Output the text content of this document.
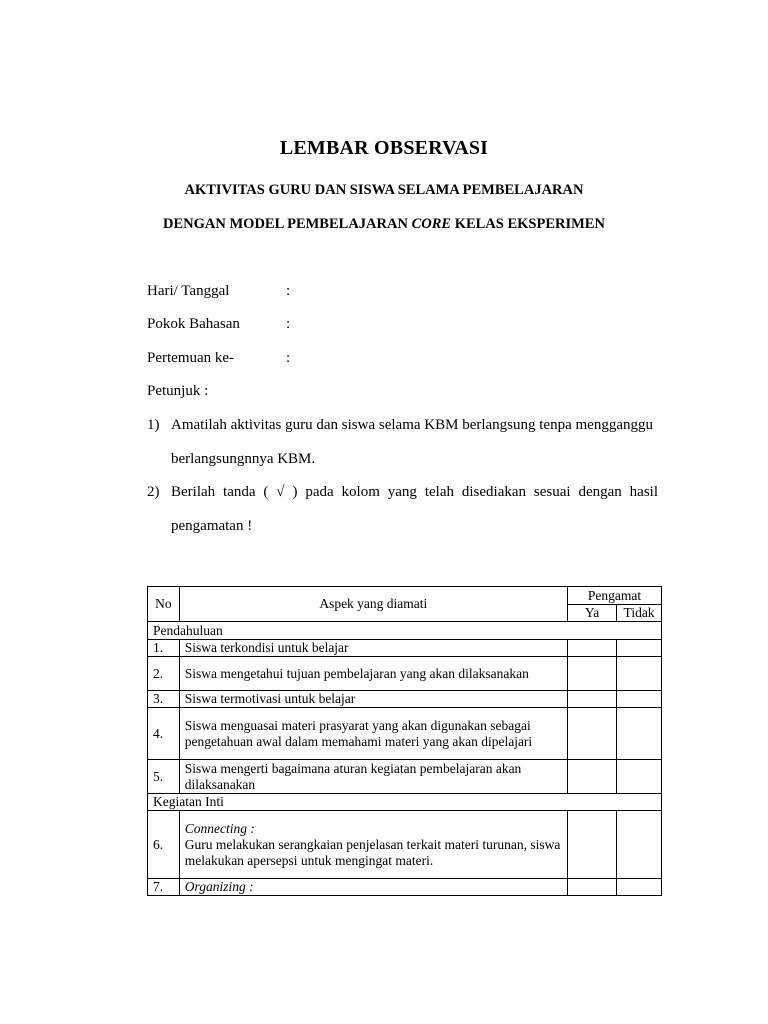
LEMBAR OBSERVASI
AKTIVITAS GURU DAN SISWA SELAMA PEMBELAJARAN
DENGAN MODEL PEMBELAJARAN CORE KELAS EKSPERIMEN
Hari/ Tanggal	:
Pokok Bahasan	:
Pertemuan ke-	:
Petunjuk :
1) Amatilah aktivitas guru dan siswa selama KBM berlangsung tenpa mengganggu
berlangsungnnya KBM.
2) Berilah tanda ( √ ) pada kolom yang telah disediakan sesuai dengan hasil
pengamatan !
No	Aspek yang diamati	Pengamat	
		Ya	Tidak
Pendahuluan			
1.	Siswa terkondisi untuk belajar		
2.	Siswa mengetahui tujuan pembelajaran yang akan dilaksanakan		
3.	Siswa termotivasi untuk belajar		
4.	Siswa menguasai materi prasyarat yang akan digunakan sebagai pengetahuan awal dalam memahami materi yang akan dipelajari		
5.	Siswa mengerti bagaimana aturan kegiatan pembelajaran akan dilaksanakan		
Kegiatan Inti			
6.	Connecting :
Guru melakukan serangkaian penjelasan terkait materi turunan, siswa melakukan apersepsi untuk mengingat materi.		
7.	Organizing :		
